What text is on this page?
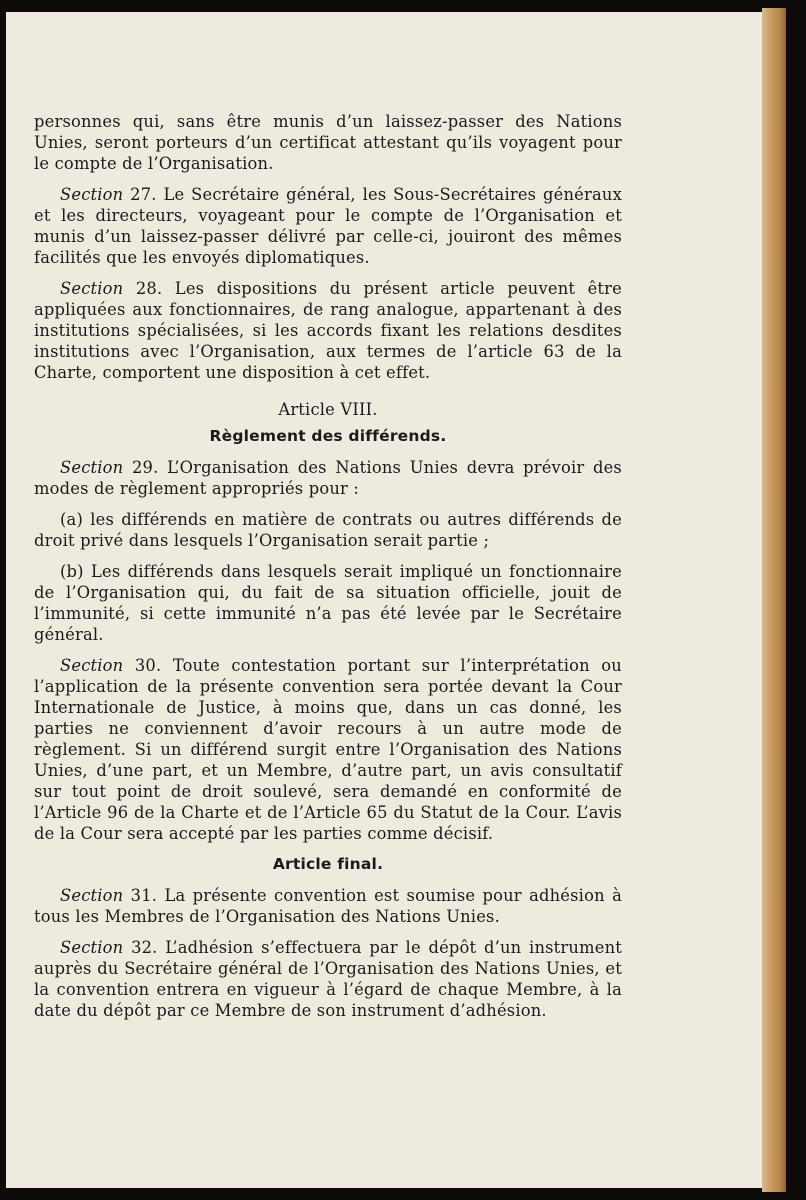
personnes qui, sans être munis d’un laissez-passer des Nations Unies, seront porteurs d’un certificat attestant qu’ils voyagent pour le compte de l’Organisation.

Section 27. Le Secrétaire général, les Sous-Secrétaires généraux et les directeurs, voyageant pour le compte de l’Organisation et munis d’un laissez-passer délivré par celle-ci, jouiront des mêmes facilités que les envoyés diplomatiques.

Section 28. Les dispositions du présent article peuvent être appliquées aux fonctionnaires, de rang analogue, appartenant à des institutions spécialisées, si les accords fixant les relations desdites institutions avec l’Organisation, aux termes de l’article 63 de la Charte, comportent une disposition à cet effet.

Article VIII.

Règlement des différends.

Section 29. L’Organisation des Nations Unies devra prévoir des modes de règlement appropriés pour :

(a) les différends en matière de contrats ou autres différends de droit privé dans lesquels l’Organisation serait partie ;

(b) Les différends dans lesquels serait impliqué un fonctionnaire de l’Organisation qui, du fait de sa situation officielle, jouit de l’immunité, si cette immunité n’a pas été levée par le Secrétaire général.

Section 30. Toute contestation portant sur l’interprétation ou l’application de la présente convention sera portée devant la Cour Internationale de Justice, à moins que, dans un cas donné, les parties ne conviennent d’avoir recours à un autre mode de règlement. Si un différend surgit entre l’Organisation des Nations Unies, d’une part, et un Membre, d’autre part, un avis consultatif sur tout point de droit soulevé, sera demandé en conformité de l’Article 96 de la Charte et de l’Article 65 du Statut de la Cour. L’avis de la Cour sera accepté par les parties comme décisif.

Article final.

Section 31. La présente convention est soumise pour adhésion à tous les Membres de l’Organisation des Nations Unies.

Section 32. L’adhésion s’effectuera par le dépôt d’un instrument auprès du Secrétaire général de l’Organisation des Nations Unies, et la convention entrera en vigueur à l’égard de chaque Membre, à la date du dépôt par ce Membre de son instrument d’adhésion.
